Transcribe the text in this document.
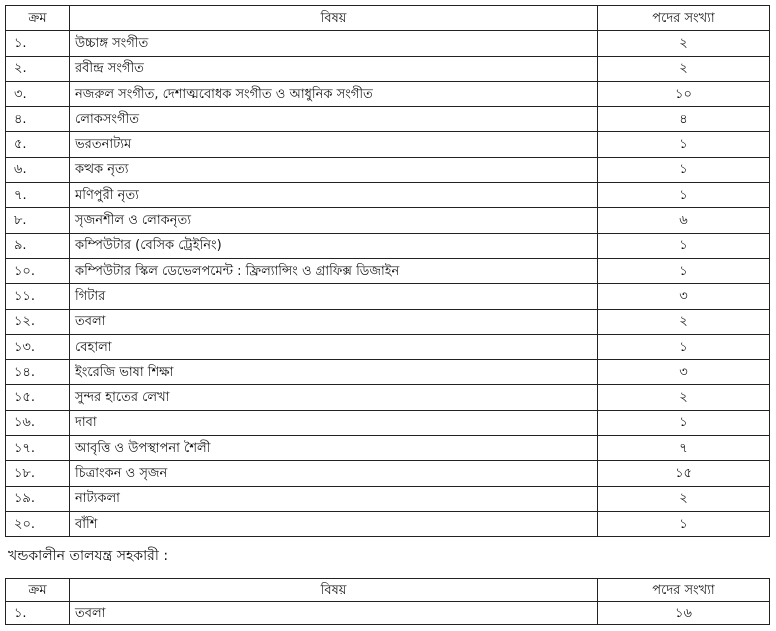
ক্রম	বিষয়	পদের সংখ্যা
১.	উচ্চাঙ্গ সংগীত	২
২.	রবীন্দ্র সংগীত	২
৩.	নজরুল সংগীত, দেশাত্মবোধক সংগীত ও আধুনিক সংগীত	১০
৪.	লোকসংগীত	৪
৫.	ভরতনাট্যম	১
৬.	কত্থক নৃত্য	১
৭.	মণিপুরী নৃত্য	১
৮.	সৃজনশীল ও লোকনৃত্য	৬
৯.	কম্পিউটার (বেসিক ট্রেইনিং)	১
১০.	কম্পিউটার স্কিল ডেভেলপমেন্ট : ফ্রিল্যান্সিং ও গ্রাফিক্স ডিজাইন	১
১১.	গিটার	৩
১২.	তবলা	২
১৩.	বেহালা	১
১৪.	ইংরেজি ভাষা শিক্ষা	৩
১৫.	সুন্দর হাতের লেখা	২
১৬.	দাবা	১
১৭.	আবৃত্তি ও উপস্থাপনা শৈলী	৭
১৮.	চিত্রাংকন ও সৃজন	১৫
১৯.	নাট্যকলা	২
২০.	বাঁশি	১
খন্ডকালীন তালযন্ত্র সহকারী :
ক্রম	বিষয়	পদের সংখ্যা
১.	তবলা	১৬
